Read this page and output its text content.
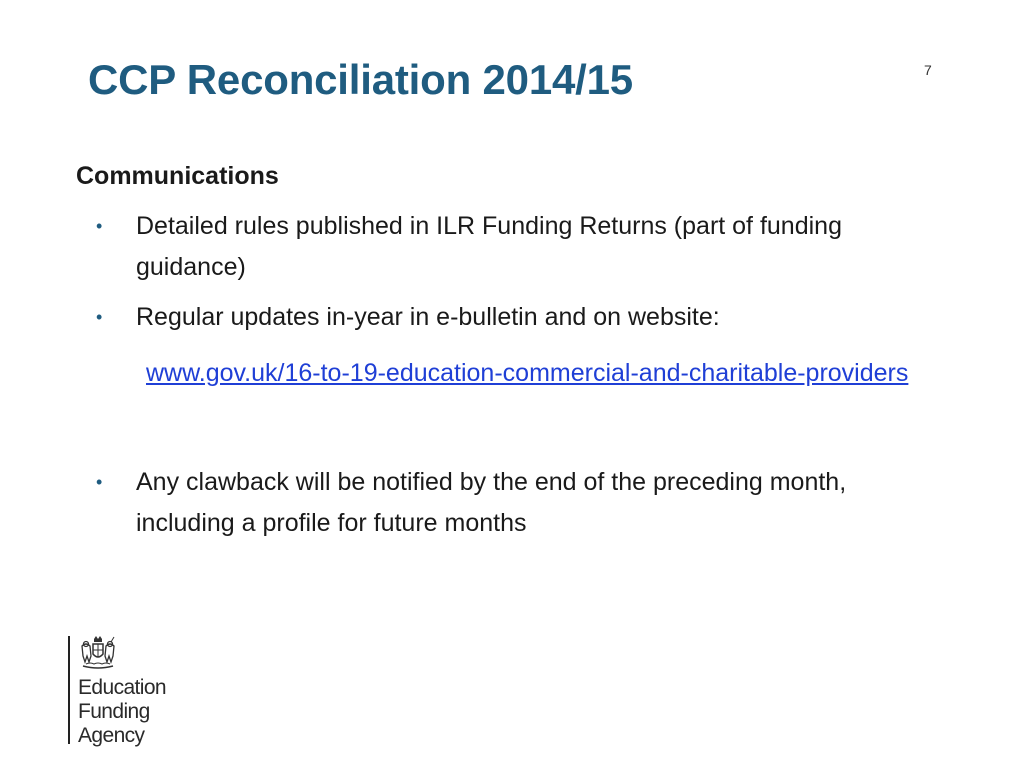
CCP Reconciliation 2014/15	7
Communications
• Detailed rules published in ILR Funding Returns (part of funding guidance)
• Regular updates in-year in e-bulletin and on website:
www.gov.uk/16-to-19-education-commercial-and-charitable-providers
• Any clawback will be notified by the end of the preceding month, including a profile for future months
Education
Funding
Agency
